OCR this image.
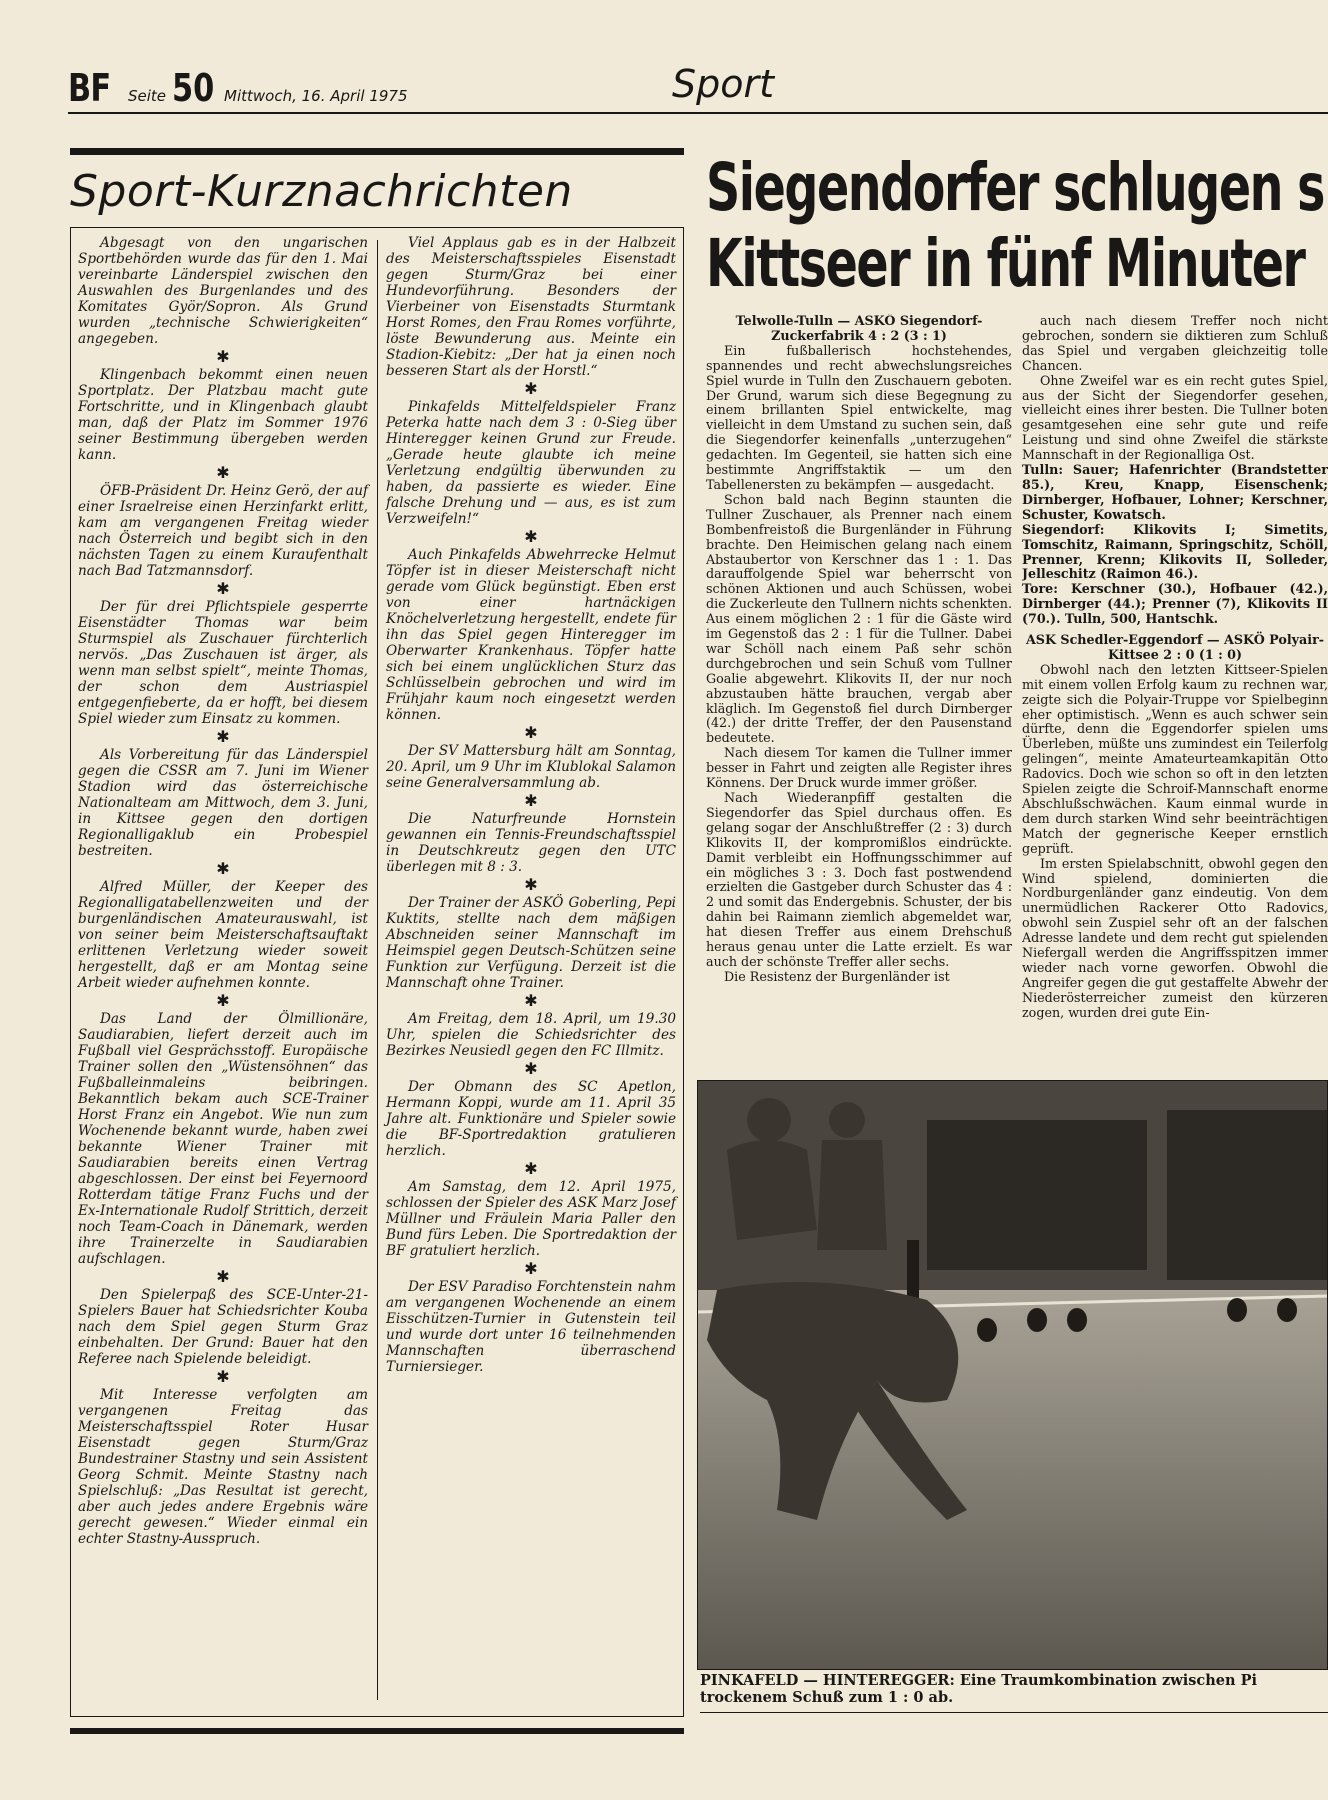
BF Seite 50 Mittwoch, 16. April 1975	Sport
Sport-Kurznachrichten

Abgesagt von den ungarischen Sportbehörden wurde das für den 1. Mai vereinbarte Länderspiel zwischen den Auswahlen des Burgenlandes und des Komitates Györ/Sopron. Als Grund wurden „technische Schwierigkeiten“ angegeben.

✱

Klingenbach bekommt einen neuen Sportplatz. Der Platzbau macht gute Fortschritte, und in Klingenbach glaubt man, daß der Platz im Sommer 1976 seiner Bestimmung übergeben werden kann.

✱

ÖFB-Präsident Dr. Heinz Gerö, der auf einer Israelreise einen Herzinfarkt erlitt, kam am vergangenen Freitag wieder nach Österreich und begibt sich in den nächsten Tagen zu einem Kuraufenthalt nach Bad Tatzmannsdorf.

✱

Der für drei Pflichtspiele gesperrte Eisenstädter Thomas war beim Sturmspiel als Zuschauer fürchterlich nervös. „Das Zuschauen ist ärger, als wenn man selbst spielt“, meinte Thomas, der schon dem Austriaspiel entgegenfieberte, da er hofft, bei diesem Spiel wieder zum Einsatz zu kommen.

✱

Als Vorbereitung für das Länderspiel gegen die CSSR am 7. Juni im Wiener Stadion wird das österreichische Nationalteam am Mittwoch, dem 3. Juni, in Kittsee gegen den dortigen Regionalligaklub ein Probespiel bestreiten.

✱

Alfred Müller, der Keeper des Regionalligatabellenzweiten und der burgenländischen Amateurauswahl, ist von seiner beim Meisterschaftsauftakt erlittenen Verletzung wieder soweit hergestellt, daß er am Montag seine Arbeit wieder aufnehmen konnte.

✱

Das Land der Ölmillionäre, Saudiarabien, liefert derzeit auch im Fußball viel Gesprächsstoff. Europäische Trainer sollen den „Wüstensöhnen“ das Fußballeinmaleins beibringen. Bekanntlich bekam auch SCE-Trainer Horst Franz ein Angebot. Wie nun zum Wochenende bekannt wurde, haben zwei bekannte Wiener Trainer mit Saudiarabien bereits einen Vertrag abgeschlossen. Der einst bei Feyernoord Rotterdam tätige Franz Fuchs und der Ex-Internationale Rudolf Strittich, derzeit noch Team-Coach in Dänemark, werden ihre Trainerzelte in Saudiarabien aufschlagen.

✱

Den Spielerpaß des SCE-Unter-21-Spielers Bauer hat Schiedsrichter Kouba nach dem Spiel gegen Sturm Graz einbehalten. Der Grund: Bauer hat den Referee nach Spielende beleidigt.

✱

Mit Interesse verfolgten am vergangenen Freitag das Meisterschaftsspiel Roter Husar Eisenstadt gegen Sturm/Graz Bundestrainer Stastny und sein Assistent Georg Schmit. Meinte Stastny nach Spielschluß: „Das Resultat ist gerecht, aber auch jedes andere Ergebnis wäre gerecht gewesen.“ Wieder einmal ein echter Stastny-Ausspruch.

Viel Applaus gab es in der Halbzeit des Meisterschaftsspieles Eisenstadt gegen Sturm/Graz bei einer Hundevorführung. Besonders der Vierbeiner von Eisenstadts Sturmtank Horst Romes, den Frau Romes vorführte, löste Bewunderung aus. Meinte ein Stadion-Kiebitz: „Der hat ja einen noch besseren Start als der Horstl.“

✱

Pinkafelds Mittelfeldspieler Franz Peterka hatte nach dem 3 : 0-Sieg über Hinteregger keinen Grund zur Freude. „Gerade heute glaubte ich meine Verletzung endgültig überwunden zu haben, da passierte es wieder. Eine falsche Drehung und — aus, es ist zum Verzweifeln!“

✱

Auch Pinkafelds Abwehrrecke Helmut Töpfer ist in dieser Meisterschaft nicht gerade vom Glück begünstigt. Eben erst von einer hartnäckigen Knöchelverletzung hergestellt, endete für ihn das Spiel gegen Hinteregger im Oberwarter Krankenhaus. Töpfer hatte sich bei einem unglücklichen Sturz das Schlüsselbein gebrochen und wird im Frühjahr kaum noch eingesetzt werden können.

✱

Der SV Mattersburg hält am Sonntag, 20. April, um 9 Uhr im Klublokal Salamon seine Generalversammlung ab.

✱

Die Naturfreunde Hornstein gewannen ein Tennis-Freundschaftsspiel in Deutschkreutz gegen den UTC überlegen mit 8 : 3.

✱

Der Trainer der ASKÖ Goberling, Pepi Kuktits, stellte nach dem mäßigen Abschneiden seiner Mannschaft im Heimspiel gegen Deutsch-Schützen seine Funktion zur Verfügung. Derzeit ist die Mannschaft ohne Trainer.

✱

Am Freitag, dem 18. April, um 19.30 Uhr, spielen die Schiedsrichter des Bezirkes Neusiedl gegen den FC Illmitz.

✱

Der Obmann des SC Apetlon, Hermann Koppi, wurde am 11. April 35 Jahre alt. Funktionäre und Spieler sowie die BF-Sportredaktion gratulieren herzlich.

✱

Am Samstag, dem 12. April 1975, schlossen der Spieler des ASK Marz Josef Müllner und Fräulein Maria Paller den Bund fürs Leben. Die Sportredaktion der BF gratuliert herzlich.

✱

Der ESV Paradiso Forchtenstein nahm am vergangenen Wochenende an einem Eisschützen-Turnier in Gutenstein teil und wurde dort unter 16 teilnehmenden Mannschaften überraschend Turniersieger.

Siegendorfer schlugen s
Kittseer in fünf Minuter

Telwolle-Tulln — ASKÖ Siegendorf-Zuckerfabrik 4 : 2 (3 : 1)

Ein fußballerisch hochstehendes, spannendes und recht abwechslungsreiches Spiel wurde in Tulln den Zuschauern geboten. Der Grund, warum sich diese Begegnung zu einem brillanten Spiel entwickelte, mag vielleicht in dem Umstand zu suchen sein, daß die Siegendorfer keinenfalls „unterzugehen“ gedachten. Im Gegenteil, sie hatten sich eine bestimmte Angriffstaktik — um den Tabellenersten zu bekämpfen — ausgedacht.

Schon bald nach Beginn staunten die Tullner Zuschauer, als Prenner nach einem Bombenfreistoß die Burgenländer in Führung brachte. Den Heimischen gelang nach einem Abstaubertor von Kerschner das 1 : 1. Das darauffolgende Spiel war beherrscht von schönen Aktionen und auch Schüssen, wobei die Zuckerleute den Tullnern nichts schenkten. Aus einem möglichen 2 : 1 für die Gäste wird im Gegenstoß das 2 : 1 für die Tullner. Dabei war Schöll nach einem Paß sehr schön durchgebrochen und sein Schuß vom Tullner Goalie abgewehrt. Klikovits II, der nur noch abzustauben hätte brauchen, vergab aber kläglich. Im Gegenstoß fiel durch Dirnberger (42.) der dritte Treffer, der den Pausenstand bedeutete.

Nach diesem Tor kamen die Tullner immer besser in Fahrt und zeigten alle Register ihres Könnens. Der Druck wurde immer größer.

Nach Wiederanpfiff gestalten die Siegendorfer das Spiel durchaus offen. Es gelang sogar der Anschlußtreffer (2 : 3) durch Klikovits II, der kompromißlos eindrückte. Damit verbleibt ein Hoffnungsschimmer auf ein mögliches 3 : 3. Doch fast postwendend erzielten die Gastgeber durch Schuster das 4 : 2 und somit das Endergebnis. Schuster, der bis dahin bei Raimann ziemlich abgemeldet war, hat diesen Treffer aus einem Drehschuß heraus genau unter die Latte erzielt. Es war auch der schönste Treffer aller sechs.

Die Resistenz der Burgenländer ist

auch nach diesem Treffer noch nicht gebrochen, sondern sie diktieren zum Schluß das Spiel und vergaben gleichzeitig tolle Chancen.

Ohne Zweifel war es ein recht gutes Spiel, aus der Sicht der Siegendorfer gesehen, vielleicht eines ihrer besten. Die Tullner boten gesamtgesehen eine sehr gute und reife Leistung und sind ohne Zweifel die stärkste Mannschaft in der Regionalliga Ost.

Tulln: Sauer; Hafenrichter (Brandstetter 85.), Kreu, Knapp, Eisenschenk; Dirnberger, Hofbauer, Lohner; Kerschner, Schuster, Kowatsch.

Siegendorf: Klikovits I; Simetits, Tomschitz, Raimann, Springschitz, Schöll, Prenner, Krenn; Klikovits II, Solleder, Jelleschitz (Raimon 46.).

Tore: Kerschner (30.), Hofbauer (42.), Dirnberger (44.); Prenner (7), Klikovits II (70.). Tulln, 500, Hantschk.

ASK Schedler-Eggendorf — ASKÖ Polyair-Kittsee 2 : 0 (1 : 0)

Obwohl nach den letzten Kittseer-Spielen mit einem vollen Erfolg kaum zu rechnen war, zeigte sich die Polyair-Truppe vor Spielbeginn eher optimistisch. „Wenn es auch schwer sein dürfte, denn die Eggendorfer spielen ums Überleben, müßte uns zumindest ein Teilerfolg gelingen“, meinte Amateurteamkapitän Otto Radovics. Doch wie schon so oft in den letzten Spielen zeigte die Schroif-Mannschaft enorme Abschlußschwächen. Kaum einmal wurde in dem durch starken Wind sehr beeinträchtigen Match der gegnerische Keeper ernstlich geprüft.

Im ersten Spielabschnitt, obwohl gegen den Wind spielend, dominierten die Nordburgenländer ganz eindeutig. Von dem unermüdlichen Rackerer Otto Radovics, obwohl sein Zuspiel sehr oft an der falschen Adresse landete und dem recht gut spielenden Niefergall werden die Angriffsspitzen immer wieder nach vorne geworfen. Obwohl die Angreifer gegen die gut gestaffelte Abwehr der Niederösterreicher zumeist den kürzeren zogen, wurden drei gute Ein-

PINKAFELD — HINTEREGGER: Eine Traumkombination zwischen Pi
trockenem Schuß zum 1 : 0 ab.
